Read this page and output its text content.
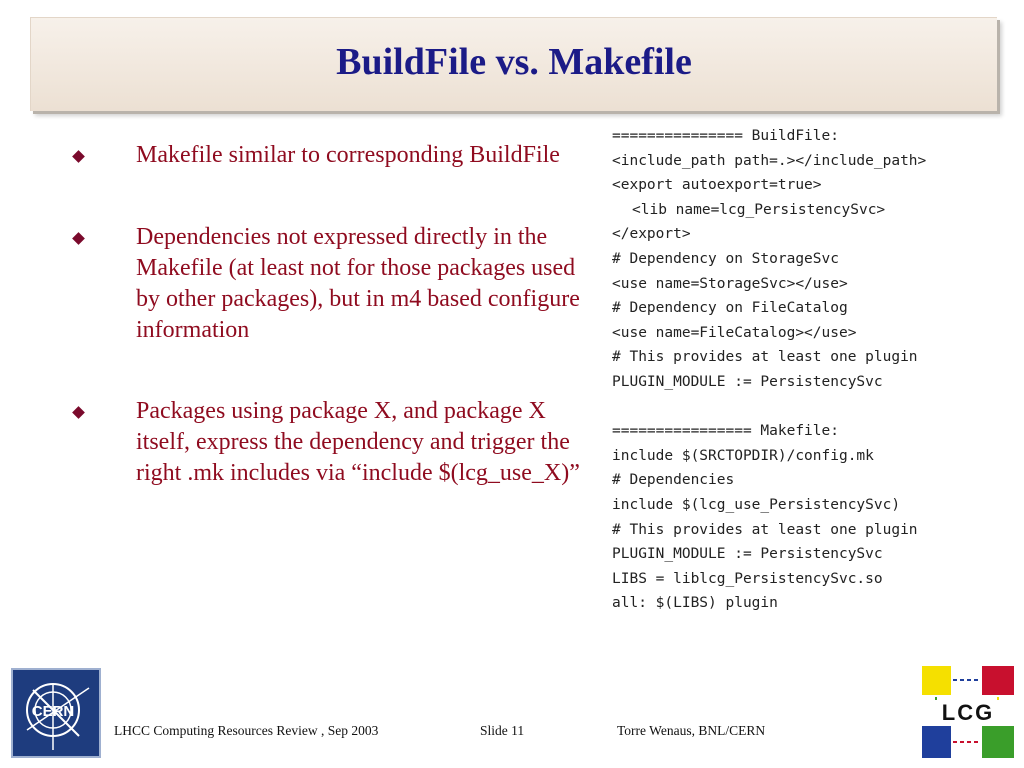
BuildFile vs. Makefile
Makefile similar to corresponding BuildFile
Dependencies not expressed directly in the Makefile (at least not for those packages used by other packages), but in m4 based configure information
Packages using package X, and package X itself, express the dependency and trigger the right .mk includes via “include $(lcg_use_X)”
=============== BuildFile:
<include_path path=.></include_path>
<export autoexport=true>
<lib name=lcg_PersistencySvc>
</export>
# Dependency on StorageSvc
<use name=StorageSvc></use>
# Dependency on FileCatalog
<use name=FileCatalog></use>
# This provides at least one plugin
PLUGIN_MODULE := PersistencySvc
================ Makefile:
include $(SRCTOPDIR)/config.mk
# Dependencies
include $(lcg_use_PersistencySvc)
# This provides at least one plugin
PLUGIN_MODULE := PersistencySvc
LIBS = liblcg_PersistencySvc.so
all: $(LIBS) plugin
CERN	LCG
LHCC Computing Resources Review , Sep 2003	Slide 11	Torre Wenaus, BNL/CERN
